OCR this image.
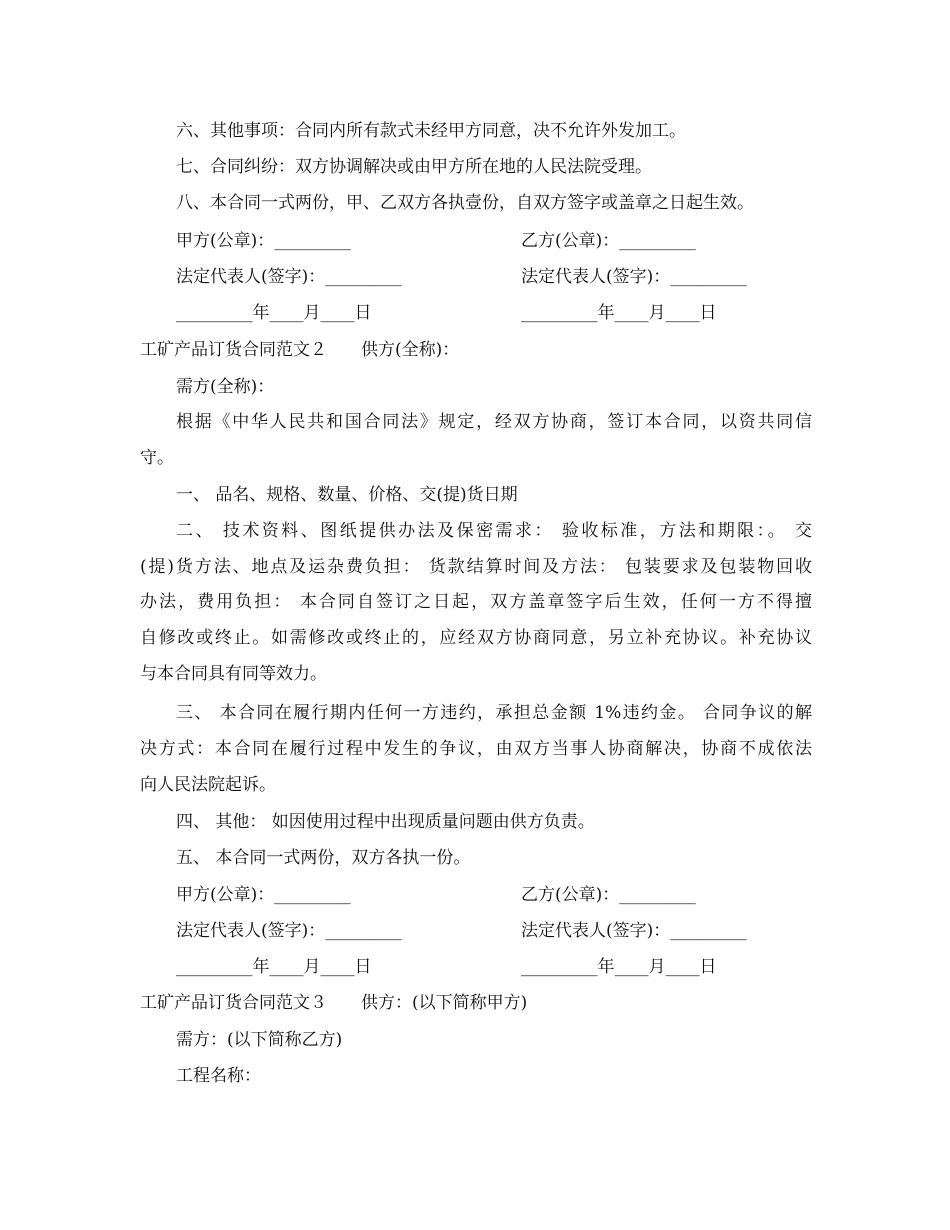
六、其他事项：合同内所有款式未经甲方同意，决不允许外发加工。
七、合同纠纷：双方协调解决或由甲方所在地的人民法院受理。
八、本合同一式两份，甲、乙双方各执壹份，自双方签字或盖章之日起生效。
甲方(公章)：_________	乙方(公章)：_________
法定代表人(签字)：_________	法定代表人(签字)：_________
_________年____月____日	_________年____月____日
工矿产品订货合同范文２　　供方(全称)：
需方(全称)：
根据《中华人民共和国合同法》规定，经双方协商，签订本合同，以资共同信
守。
一、 品名、规格、数量、价格、交(提)货日期
二、 技术资料、图纸提供办法及保密需求： 验收标准，方法和期限：。 交
(提)货方法、地点及运杂费负担： 货款结算时间及方法： 包装要求及包装物回收
办法，费用负担： 本合同自签订之日起，双方盖章签字后生效，任何一方不得擅
自修改或终止。如需修改或终止的，应经双方协商同意，另立补充协议。补充协议
与本合同具有同等效力。
三、 本合同在履行期内任何一方违约，承担总金额 1%违约金。 合同争议的解
决方式：本合同在履行过程中发生的争议，由双方当事人协商解决，协商不成依法
向人民法院起诉。
四、 其他： 如因使用过程中出现质量问题由供方负责。
五、 本合同一式两份，双方各执一份。
甲方(公章)：_________	乙方(公章)：_________
法定代表人(签字)：_________	法定代表人(签字)：_________
_________年____月____日	_________年____月____日
工矿产品订货合同范文３　　供方：(以下简称甲方)
需方：(以下简称乙方)
工程名称：
